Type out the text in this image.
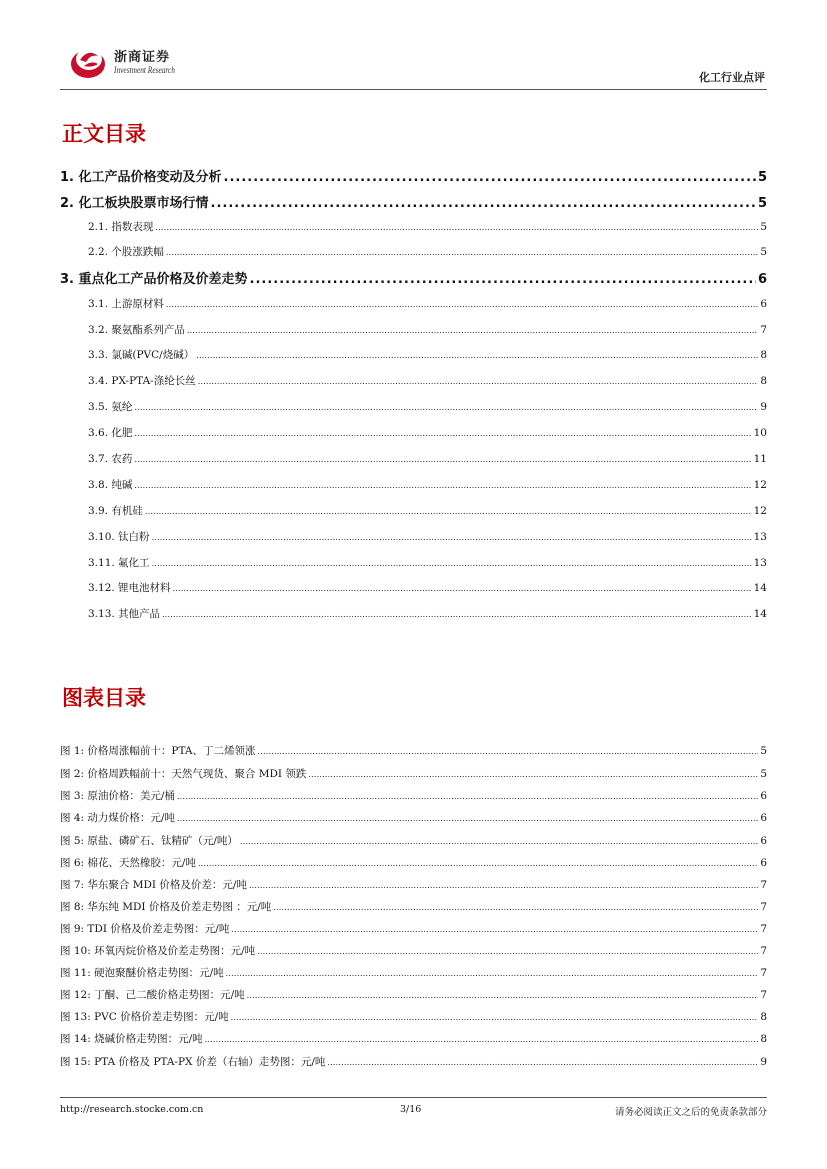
浙商证券
Investment Research
化工行业点评
正文目录
1. 化工产品价格变动及分析 .....	5
2. 化工板块股票市场行情 .....	5
2.1. 指数表现 .....	5
2.2. 个股涨跌幅 .....	5
3. 重点化工产品价格及价差走势 .....	6
3.1. 上游原材料 .....	6
3.2. 聚氨酯系列产品 .....	7
3.3. 氯碱(PVC/烧碱） .....	8
3.4. PX-PTA-涤纶长丝 .....	8
3.5. 氨纶 .....	9
3.6. 化肥 .....	10
3.7. 农药 .....	11
3.8. 纯碱 .....	12
3.9. 有机硅 .....	12
3.10. 钛白粉 .....	13
3.11. 氟化工 .....	13
3.12. 锂电池材料 .....	14
3.13. 其他产品 .....	14
图表目录
图 1: 价格周涨幅前十：PTA、丁二烯领涨 .....	5
图 2: 价格周跌幅前十：天然气现货、聚合 MDI 领跌 .....	5
图 3: 原油价格：美元/桶 .....	6
图 4: 动力煤价格：元/吨 .....	6
图 5: 原盐、磷矿石、钛精矿（元/吨） .....	6
图 6: 棉花、天然橡胶：元/吨 .....	6
图 7: 华东聚合 MDI 价格及价差：元/吨 .....	7
图 8: 华东纯 MDI 价格及价差走势图 ：元/吨 .....	7
图 9: TDI 价格及价差走势图：元/吨 .....	7
图 10: 环氧丙烷价格及价差走势图：元/吨 .....	7
图 11: 硬泡聚醚价格走势图：元/吨 .....	7
图 12: 丁酮、己二酸价格走势图：元/吨 .....	7
图 13: PVC 价格价差走势图：元/吨 .....	8
图 14: 烧碱价格走势图：元/吨 .....	8
图 15: PTA 价格及 PTA-PX 价差（右轴）走势图：元/吨 .....	9
http://research.stocke.com.cn	3/16	请务必阅读正文之后的免责条款部分
